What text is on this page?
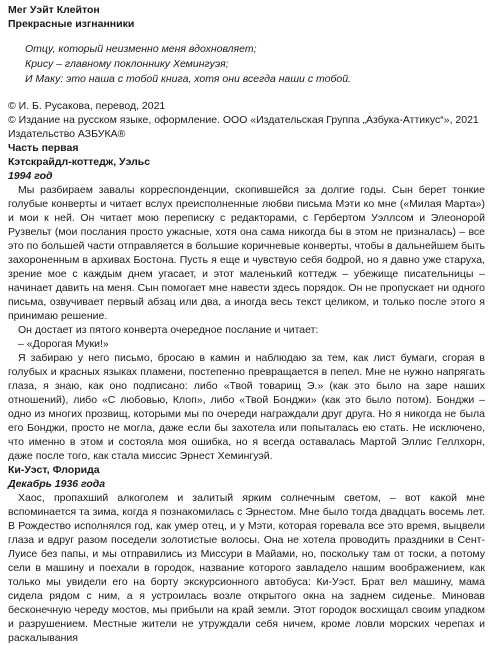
Мег Уэйт Клейтон
Прекрасные изгнанники
Отцу, который неизменно меня вдохновляет;
Крису – главному поклоннику Хемингуэя;
И Маку: это наша с тобой книга, хотя они всегда наши с тобой.
© И. Б. Русакова, перевод, 2021
© Издание на русском языке, оформление. ООО «Издательская Группа „Азбука-Аттикус“», 2021
Издательство АЗБУКА®
Часть первая
Кэтскрайдл-коттедж, Уэльс
1994 год

Мы разбираем завалы корреспонденции, скопившейся за долгие годы. Сын берет тонкие голубые конверты и читает вслух преисполненные любви письма Мэти ко мне («Милая Марта») и мои к ней. Он читает мою переписку с редакторами, с Гербертом Уэллсом и Элеонорой Рузвельт (мои послания просто ужасные, хотя она сама никогда бы в этом не призналась) – все это по большей части отправляется в большие коричневые конверты, чтобы в дальнейшем быть захороненным в архивах Бостона. Пусть я еще и чувствую себя бодрой, но я давно уже старуха, зрение мое с каждым днем угасает, и этот маленький коттедж – убежище писательницы – начинает давить на меня. Сын помогает мне навести здесь порядок. Он не пропускает ни одного письма, озвучивает первый абзац или два, а иногда весь текст целиком, и только после этого я принимаю решение.

Он достает из пятого конверта очередное послание и читает:

– «Дорогая Муки!»

Я забираю у него письмо, бросаю в камин и наблюдаю за тем, как лист бумаги, сгорая в голубых и красных языках пламени, постепенно превращается в пепел. Мне не нужно напрягать глаза, я знаю, как оно подписано: либо «Твой товарищ Э.» (как это было на заре наших отношений), либо «С любовью, Клоп», либо «Твой Бонджи» (как это было потом). Бонджи – одно из многих прозвищ, которыми мы по очереди награждали друг друга. Но я никогда не была его Бонджи, просто не могла, даже если бы захотела или попыталась ею стать. Не исключено, что именно в этом и состояла моя ошибка, но я всегда оставалась Мартой Эллис Геллхорн, даже после того, как стала миссис Эрнест Хемингуэй.

Ки-Уэст, Флорида
Декабрь 1936 года

Хаос, пропахший алкоголем и залитый ярким солнечным светом, – вот какой мне вспоминается та зима, когда я познакомилась с Эрнестом. Мне было тогда двадцать восемь лет. В Рождество исполнялся год, как умер отец, и у Мэти, которая горевала все это время, выцвели глаза и вдруг разом поседели золотистые волосы. Она не хотела проводить праздники в Сент-Луисе без папы, и мы отправились из Миссури в Майами, но, поскольку там от тоски, а потому сели в машину и поехали в городок, название которого завладело нашим воображением, как только мы увидели его на борту экскурсионного автобуса: Ки-Уэст. Брат вел машину, мама сидела рядом с ним, а я устроилась возле открытого окна на заднем сиденье. Миновав бесконечную череду мостов, мы прибыли на край земли. Этот городок восхищал своим упадком и разрушением. Местные жители не утруждали себя ничем, кроме ловли морских черепах и раскалывания
